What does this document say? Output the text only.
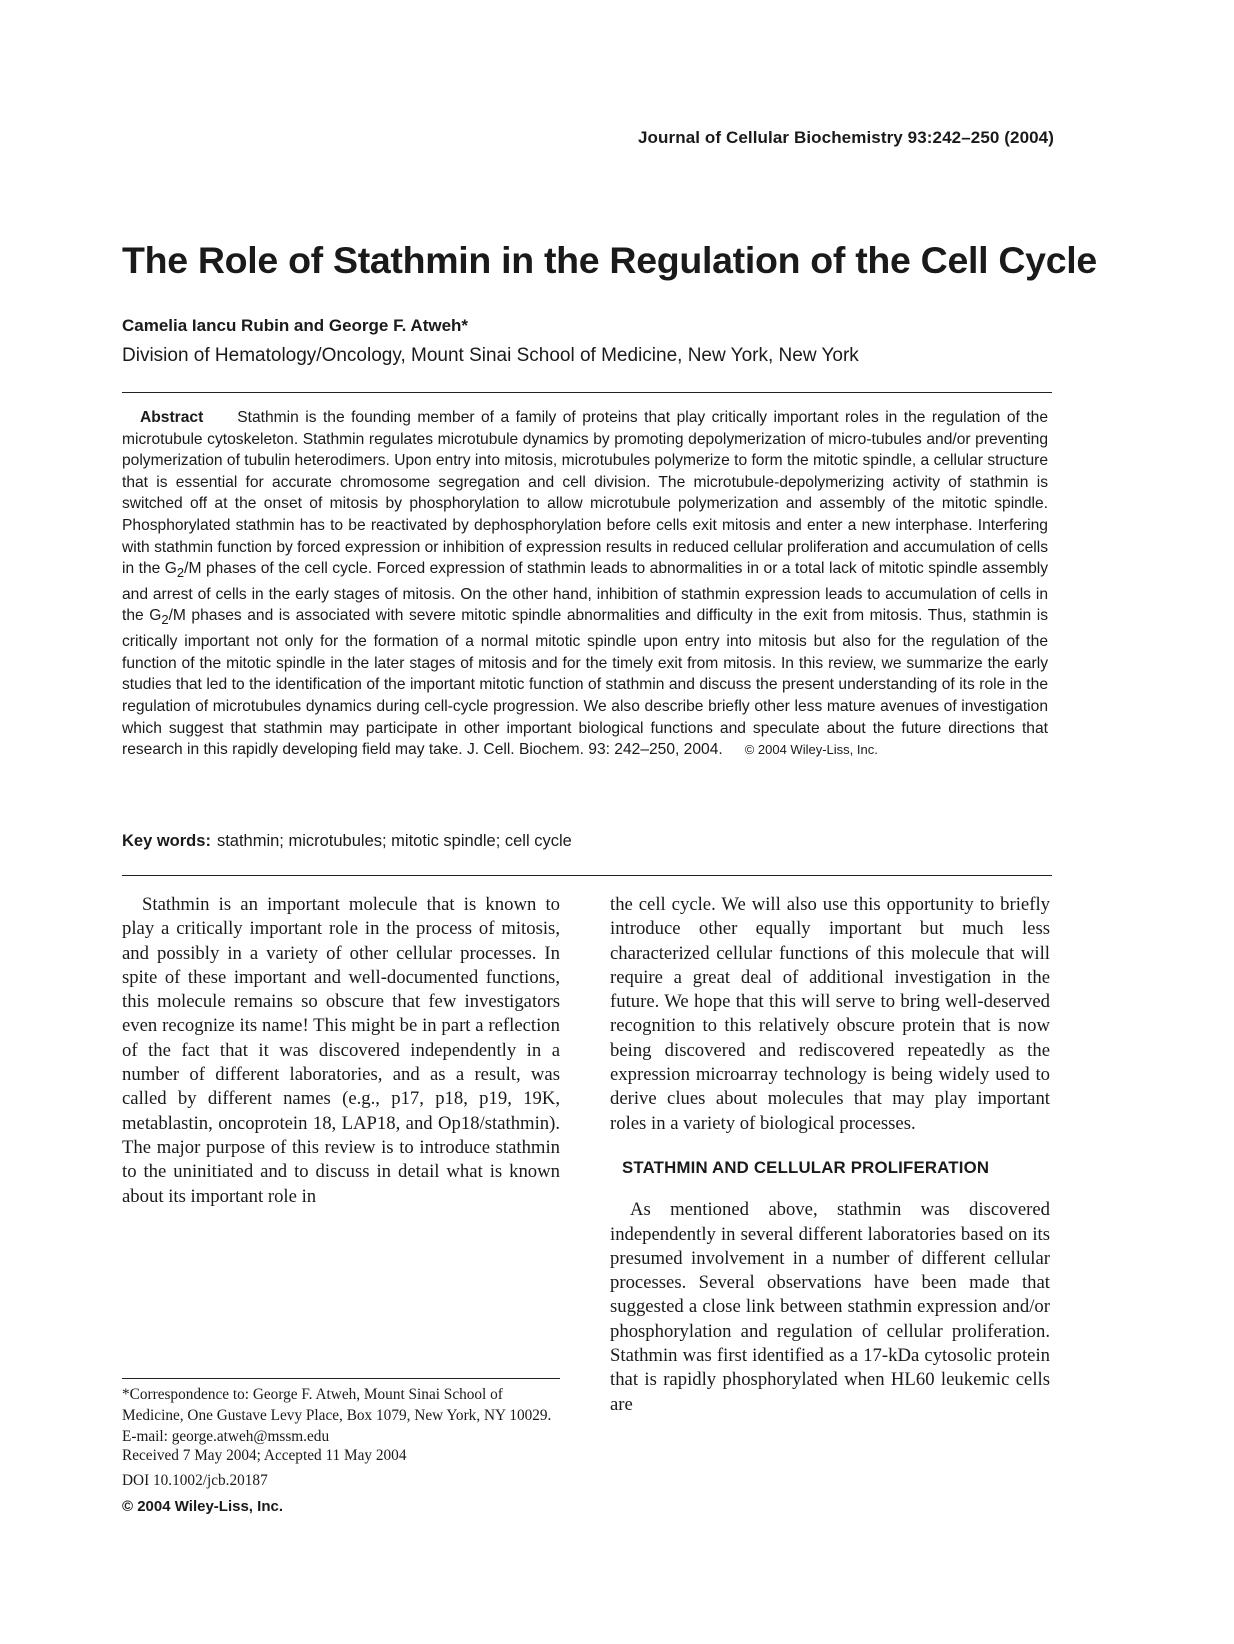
Journal of Cellular Biochemistry 93:242–250 (2004)
The Role of Stathmin in the Regulation of the Cell Cycle
Camelia Iancu Rubin and George F. Atweh*
Division of Hematology/Oncology, Mount Sinai School of Medicine, New York, New York

Abstract Stathmin is the founding member of a family of proteins that play critically important roles in the regulation of the microtubule cytoskeleton. Stathmin regulates microtubule dynamics by promoting depolymerization of micro-tubules and/or preventing polymerization of tubulin heterodimers. Upon entry into mitosis, microtubules polymerize to form the mitotic spindle, a cellular structure that is essential for accurate chromosome segregation and cell division. The microtubule-depolymerizing activity of stathmin is switched off at the onset of mitosis by phosphorylation to allow microtubule polymerization and assembly of the mitotic spindle. Phosphorylated stathmin has to be reactivated by dephosphorylation before cells exit mitosis and enter a new interphase. Interfering with stathmin function by forced expression or inhibition of expression results in reduced cellular proliferation and accumulation of cells in the $G_2/M$ phases of the cell cycle. Forced expression of stathmin leads to abnormalities in or a total lack of mitotic spindle assembly and arrest of cells in the early stages of mitosis. On the other hand, inhibition of stathmin expression leads to accumulation of cells in the $G_2/M$ phases and is associated with severe mitotic spindle abnormalities and difficulty in the exit from mitosis. Thus, stathmin is critically important not only for the formation of a normal mitotic spindle upon entry into mitosis but also for the regulation of the function of the mitotic spindle in the later stages of mitosis and for the timely exit from mitosis. In this review, we summarize the early studies that led to the identification of the important mitotic function of stathmin and discuss the present understanding of its role in the regulation of microtubules dynamics during cell-cycle progression. We also describe briefly other less mature avenues of investigation which suggest that stathmin may participate in other important biological functions and speculate about the future directions that research in this rapidly developing field may take. J. Cell. Biochem. 93: 242–250, 2004. © 2004 Wiley-Liss, Inc.

Key words: stathmin; microtubules; mitotic spindle; cell cycle

Stathmin is an important molecule that is known to play a critically important role in the process of mitosis, and possibly in a variety of other cellular processes. In spite of these important and well-documented functions, this molecule remains so obscure that few investigators even recognize its name! This might be in part a reflection of the fact that it was discovered independently in a number of different laboratories, and as a result, was called by different names (e.g., p17, p18, p19, 19K, metablastin, oncoprotein 18, LAP18, and Op18/stathmin). The major purpose of this review is to introduce stathmin to the uninitiated and to discuss in detail what is known about its important role in

the cell cycle. We will also use this opportunity to briefly introduce other equally important but much less characterized cellular functions of this molecule that will require a great deal of additional investigation in the future. We hope that this will serve to bring well-deserved recognition to this relatively obscure protein that is now being discovered and rediscovered repeatedly as the expression microarray technology is being widely used to derive clues about molecules that may play important roles in a variety of biological processes.

STATHMIN AND CELLULAR PROLIFERATION

As mentioned above, stathmin was discovered independently in several different laboratories based on its presumed involvement in a number of different cellular processes. Several observations have been made that suggested a close link between stathmin expression and/or phosphorylation and regulation of cellular proliferation. Stathmin was first identified as a 17-kDa cytosolic protein that is rapidly phosphorylated when HL60 leukemic cells are

*Correspondence to: George F. Atweh, Mount Sinai School of Medicine, One Gustave Levy Place, Box 1079, New York, NY 10029. E-mail: george.atweh@mssm.edu

Received 7 May 2004; Accepted 11 May 2004
DOI 10.1002/jcb.20187
© 2004 Wiley-Liss, Inc.
